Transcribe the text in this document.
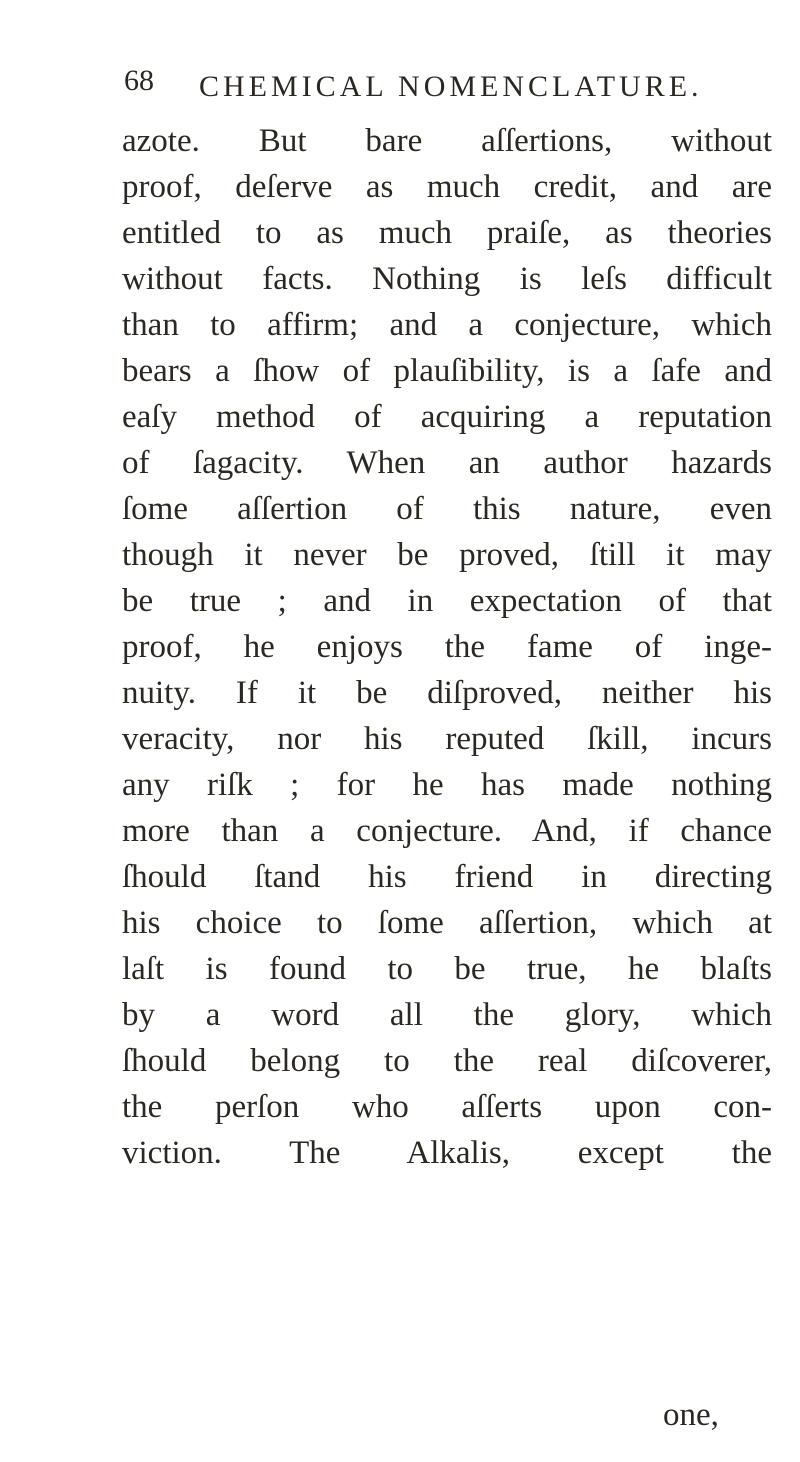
68 CHEMICAL NOMENCLATURE.
azote. But bare aſſertions, without
proof, deſerve as much credit, and are
entitled to as much praiſe, as theories
without facts. Nothing is leſs difficult
than to affirm; and a conjecture, which
bears a ſhow of plauſibility, is a ſafe and
eaſy method of acquiring a reputation
of ſagacity. When an author hazards
ſome aſſertion of this nature, even
though it never be proved, ſtill it may
be true ; and in expectation of that
proof, he enjoys the fame of inge-
nuity. If it be diſproved, neither his
veracity, nor his reputed ſkill, incurs
any riſk ; for he has made nothing
more than a conjecture. And, if chance
ſhould ſtand his friend in directing
his choice to ſome aſſertion, which at
laſt is found to be true, he blaſts
by a word all the glory, which
ſhould belong to the real diſcoverer,
the perſon who aſſerts upon con-
viction. The Alkalis, except the
one,
